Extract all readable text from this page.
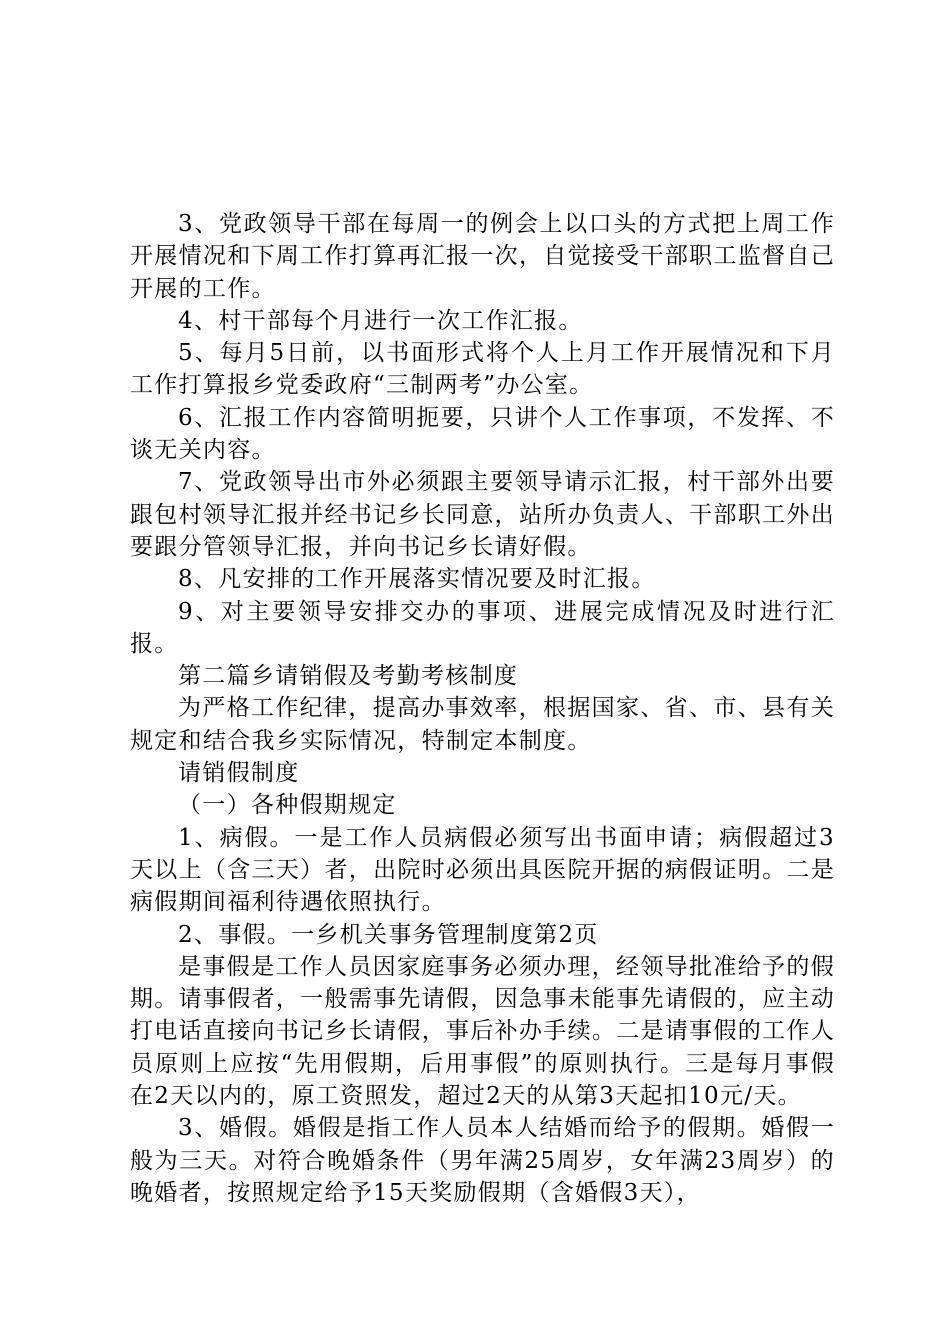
3、党政领导干部在每周一的例会上以口头的方式把上周工作开展情况和下周工作打算再汇报一次，自觉接受干部职工监督自己开展的工作。

4、村干部每个月进行一次工作汇报。

5、每月5日前，以书面形式将个人上月工作开展情况和下月工作打算报乡党委政府“三制两考”办公室。

6、汇报工作内容简明扼要，只讲个人工作事项，不发挥、不谈无关内容。

7、党政领导出市外必须跟主要领导请示汇报，村干部外出要跟包村领导汇报并经书记乡长同意，站所办负责人、干部职工外出要跟分管领导汇报，并向书记乡长请好假。

8、凡安排的工作开展落实情况要及时汇报。

9、对主要领导安排交办的事项、进展完成情况及时进行汇报。

第二篇乡请销假及考勤考核制度

为严格工作纪律，提高办事效率，根据国家、省、市、县有关规定和结合我乡实际情况，特制定本制度。

请销假制度

（一）各种假期规定

1、病假。一是工作人员病假必须写出书面申请；病假超过3天以上（含三天）者，出院时必须出具医院开据的病假证明。二是病假期间福利待遇依照执行。

2、事假。一乡机关事务管理制度第2页

是事假是工作人员因家庭事务必须办理，经领导批准给予的假期。请事假者，一般需事先请假，因急事未能事先请假的，应主动打电话直接向书记乡长请假，事后补办手续。二是请事假的工作人员原则上应按“先用假期，后用事假”的原则执行。三是每月事假在2天以内的，原工资照发，超过2天的从第3天起扣10元/天。

3、婚假。婚假是指工作人员本人结婚而给予的假期。婚假一般为三天。对符合晚婚条件（男年满25周岁，女年满23周岁）的晚婚者，按照规定给予15天奖励假期（含婚假3天），
